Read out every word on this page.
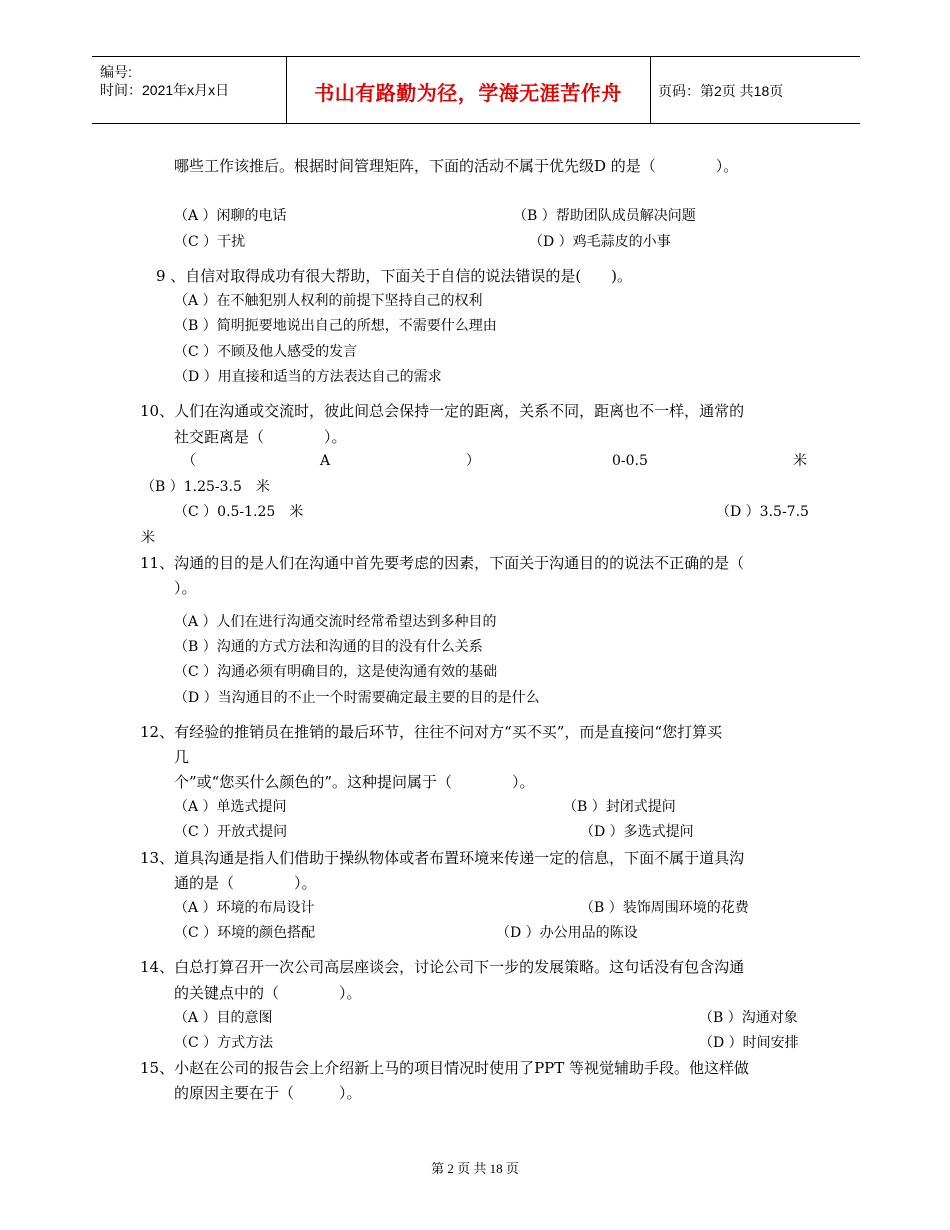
编号:
时间：2021年x月x日	书山有路勤为径，学海无涯苦作舟	页码：第2页 共18页
哪些工作该推后。根据时间管理矩阵，下面的活动不属于优先级D 的是（　　　　）。
（A ）闲聊的电话	（B ）帮助团队成员解决问题
（C ）干扰	（D ）鸡毛蒜皮的小事
9 、自信对取得成功有很大帮助，下面关于自信的说法错误的是(　　)。
（A ）在不触犯别人权利的前提下坚持自己的权利
（B ）简明扼要地说出自己的所想，不需要什么理由
（C ）不顾及他人感受的发言
（D ）用直接和适当的方法表达自己的需求
10、人们在沟通或交流时，彼此间总会保持一定的距离，关系不同，距离也不一样，通常的
社交距离是（　　　　）。
（	A	）	0-0.5	米
（B ）1.25-3.5　米
（C ）0.5-1.25　米	（D ）3.5-7.5
米
11、沟通的目的是人们在沟通中首先要考虑的因素，下面关于沟通目的的说法不正确的是（
）。
（A ）人们在进行沟通交流时经常希望达到多种目的
（B ）沟通的方式方法和沟通的目的没有什么关系
（C ）沟通必须有明确目的，这是使沟通有效的基础
（D ）当沟通目的不止一个时需要确定最主要的目的是什么
12、有经验的推销员在推销的最后环节，往往不问对方“买不买”，而是直接问“您打算买
几
个”或“您买什么颜色的”。这种提问属于（　　　　）。
（A ）单选式提问	（B ）封闭式提问
（C ）开放式提问	（D ）多选式提问
13、道具沟通是指人们借助于操纵物体或者布置环境来传递一定的信息，下面不属于道具沟
通的是（　　　　）。
（A ）环境的布局设计	（B ）装饰周围环境的花费
（C ）环境的颜色搭配	（D ）办公用品的陈设
14、白总打算召开一次公司高层座谈会，讨论公司下一步的发展策略。这句话没有包含沟通
的关键点中的（　　　　）。
（A ）目的意图	（B ）沟通对象
（C ）方式方法	（D ）时间安排
15、小赵在公司的报告会上介绍新上马的项目情况时使用了PPT 等视觉辅助手段。他这样做
的原因主要在于（　　　）。
第 2 页 共 18 页
